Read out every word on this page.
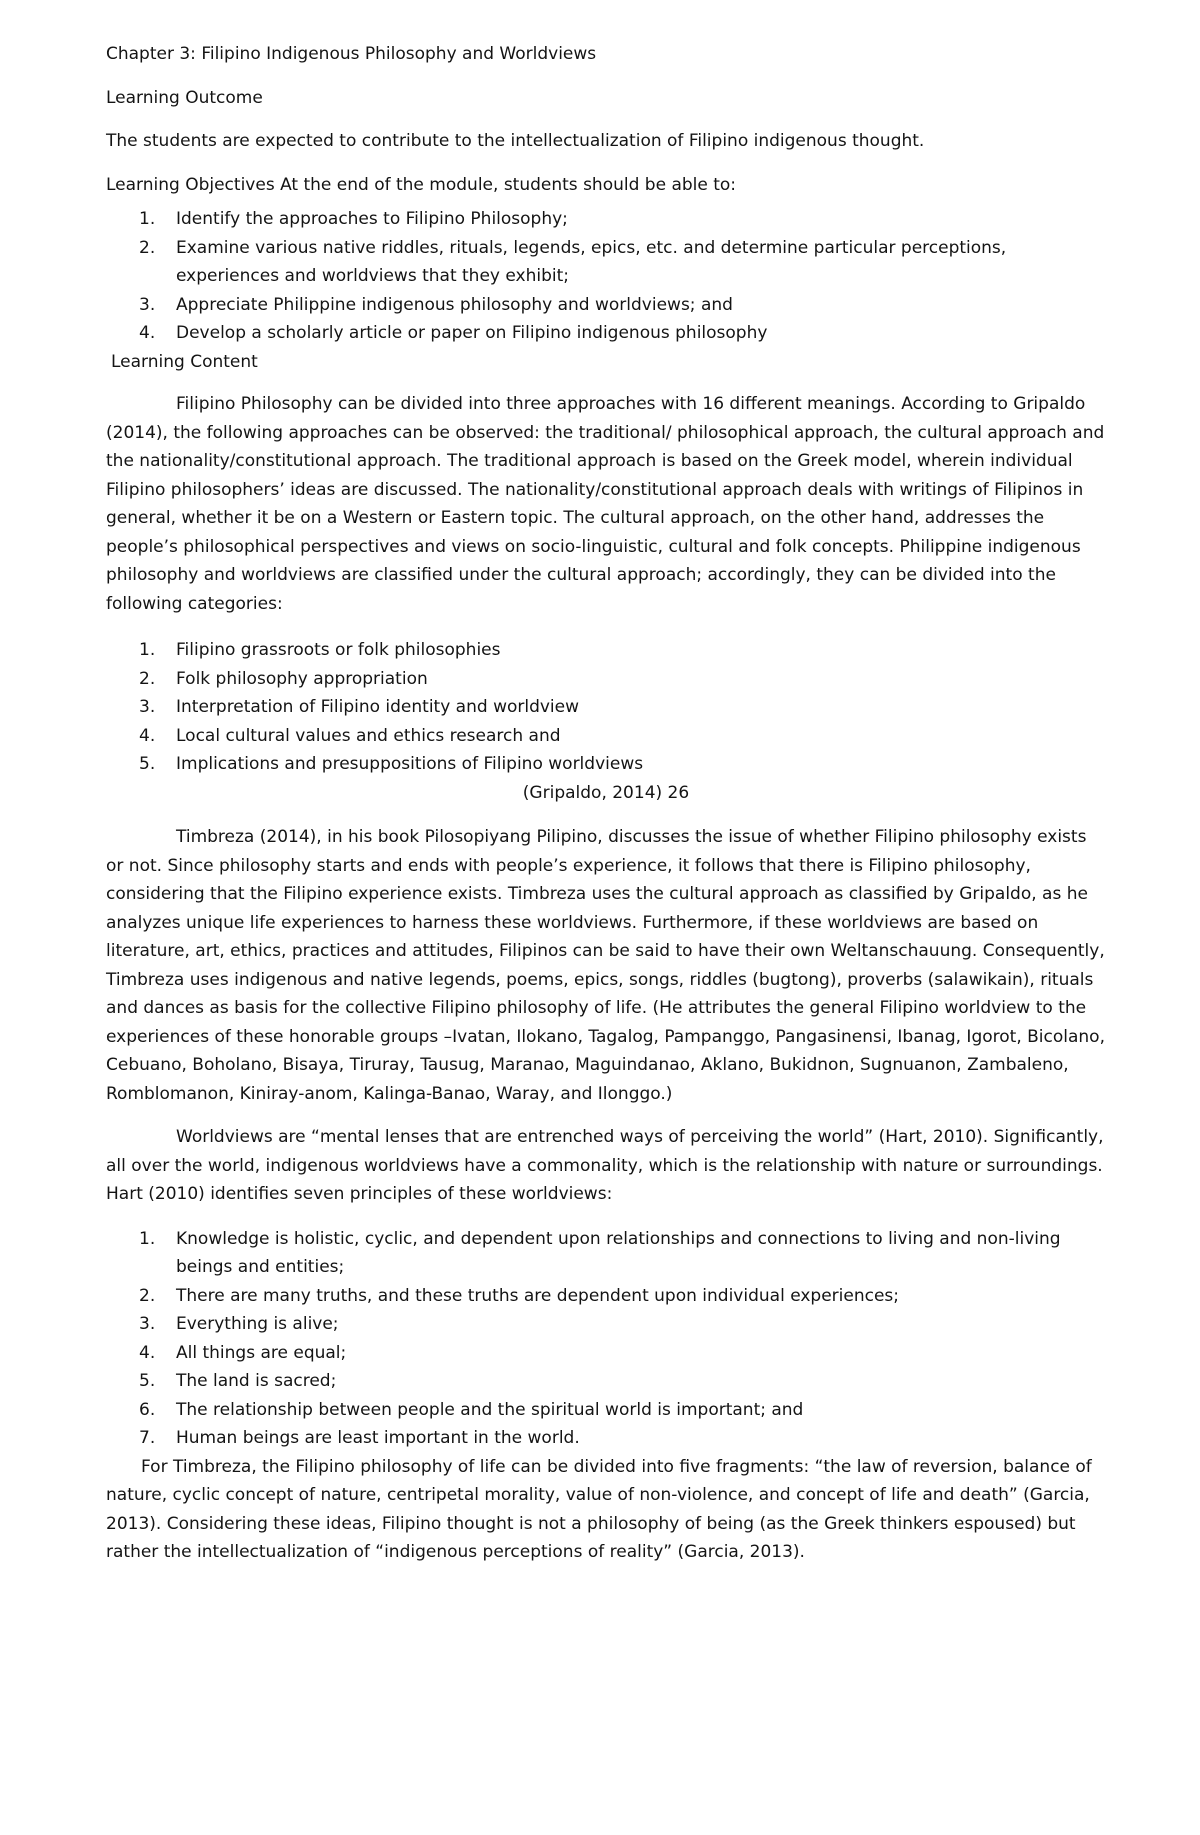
Chapter 3: Filipino Indigenous Philosophy and Worldviews

Learning Outcome

The students are expected to contribute to the intellectualization of Filipino indigenous thought.

Learning Objectives At the end of the module, students should be able to:

1. Identify the approaches to Filipino Philosophy;
2. Examine various native riddles, rituals, legends, epics, etc. and determine particular perceptions, experiences and worldviews that they exhibit;
3. Appreciate Philippine indigenous philosophy and worldviews; and
4. Develop a scholarly article or paper on Filipino indigenous philosophy

Learning Content

Filipino Philosophy can be divided into three approaches with 16 different meanings. According to Gripaldo (2014), the following approaches can be observed: the traditional/ philosophical approach, the cultural approach and the nationality/constitutional approach. The traditional approach is based on the Greek model, wherein individual Filipino philosophers’ ideas are discussed. The nationality/constitutional approach deals with writings of Filipinos in general, whether it be on a Western or Eastern topic. The cultural approach, on the other hand, addresses the people’s philosophical perspectives and views on socio-linguistic, cultural and folk concepts. Philippine indigenous philosophy and worldviews are classified under the cultural approach; accordingly, they can be divided into the following categories:

1. Filipino grassroots or folk philosophies
2. Folk philosophy appropriation
3. Interpretation of Filipino identity and worldview
4. Local cultural values and ethics research and
5. Implications and presuppositions of Filipino worldviews

(Gripaldo, 2014) 26

Timbreza (2014), in his book Pilosopiyang Pilipino, discusses the issue of whether Filipino philosophy exists or not. Since philosophy starts and ends with people’s experience, it follows that there is Filipino philosophy, considering that the Filipino experience exists. Timbreza uses the cultural approach as classified by Gripaldo, as he analyzes unique life experiences to harness these worldviews. Furthermore, if these worldviews are based on literature, art, ethics, practices and attitudes, Filipinos can be said to have their own Weltanschauung. Consequently, Timbreza uses indigenous and native legends, poems, epics, songs, riddles (bugtong), proverbs (salawikain), rituals and dances as basis for the collective Filipino philosophy of life. (He attributes the general Filipino worldview to the experiences of these honorable groups –Ivatan, Ilokano, Tagalog, Pampanggo, Pangasinensi, Ibanag, Igorot, Bicolano, Cebuano, Boholano, Bisaya, Tiruray, Tausug, Maranao, Maguindanao, Aklano, Bukidnon, Sugnuanon, Zambaleno, Romblomanon, Kiniray-anom, Kalinga-Banao, Waray, and Ilonggo.)

Worldviews are “mental lenses that are entrenched ways of perceiving the world” (Hart, 2010). Significantly, all over the world, indigenous worldviews have a commonality, which is the relationship with nature or surroundings. Hart (2010) identifies seven principles of these worldviews:

1. Knowledge is holistic, cyclic, and dependent upon relationships and connections to living and non-living beings and entities;
2. There are many truths, and these truths are dependent upon individual experiences;
3. Everything is alive;
4. All things are equal;
5. The land is sacred;
6. The relationship between people and the spiritual world is important; and
7. Human beings are least important in the world.

For Timbreza, the Filipino philosophy of life can be divided into five fragments: “the law of reversion, balance of nature, cyclic concept of nature, centripetal morality, value of non-violence, and concept of life and death” (Garcia, 2013). Considering these ideas, Filipino thought is not a philosophy of being (as the Greek thinkers espoused) but rather the intellectualization of “indigenous perceptions of reality” (Garcia, 2013).
